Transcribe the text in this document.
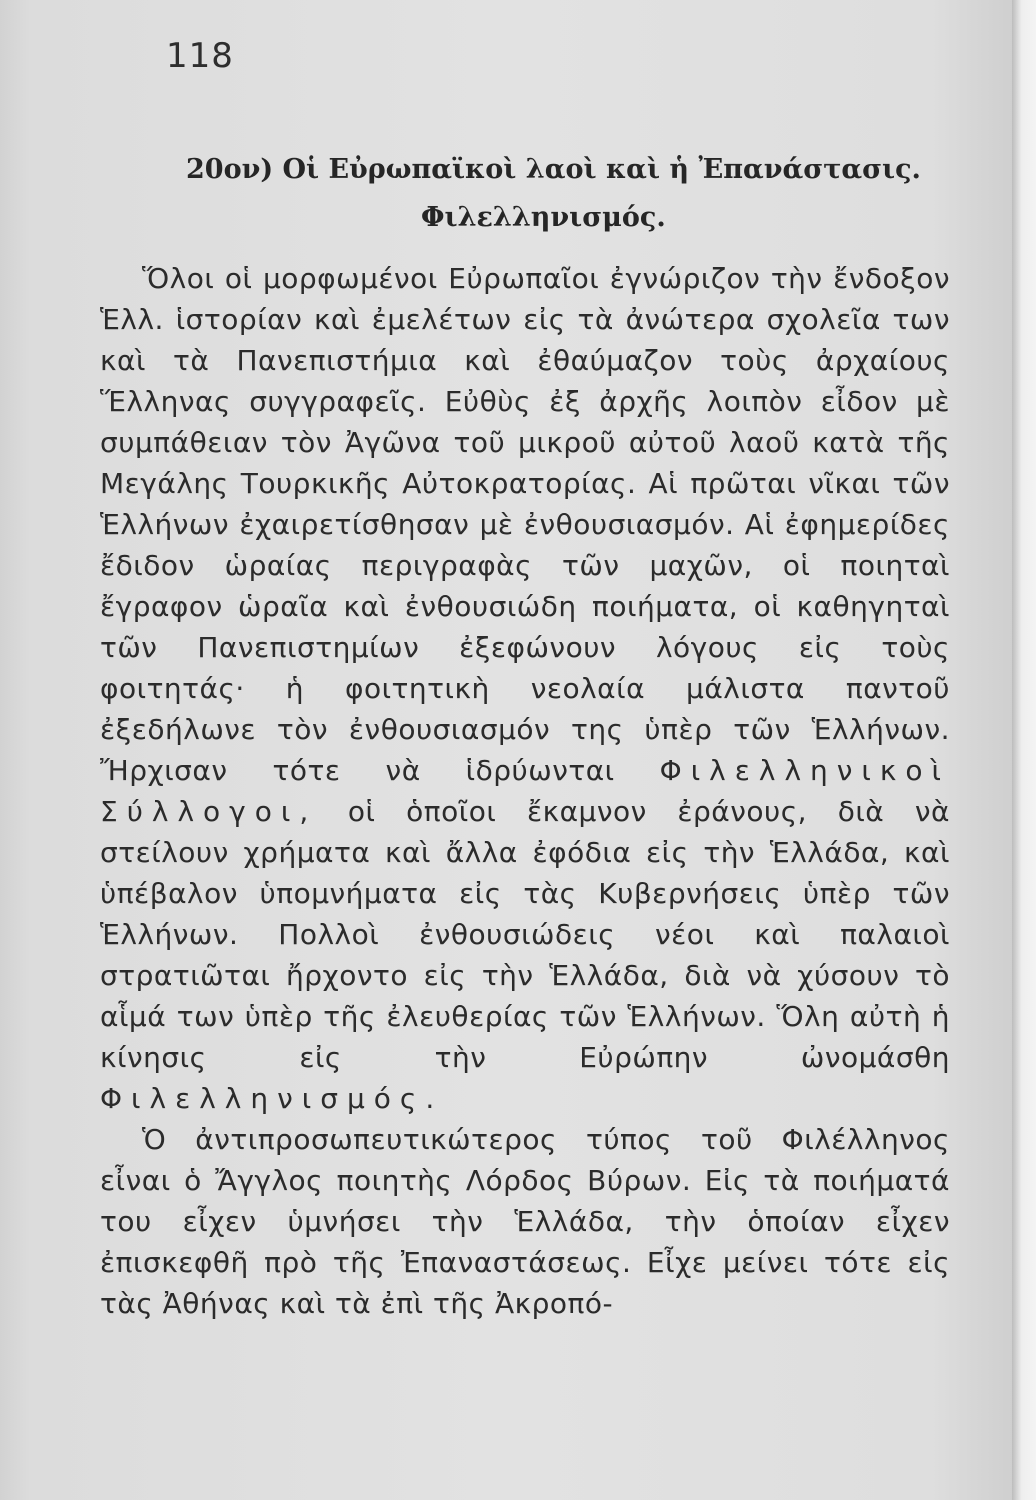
118
20ον) Οἱ Εὐρωπαϊκοὶ λαοὶ καὶ ἡ Ἐπανάστασις.
Φιλελληνισμός.

Ὅλοι οἱ μορφωμένοι Εὐρωπαῖοι ἐγνώριζον τὴν ἔνδοξον Ἑλλ. ἱστορίαν καὶ ἐμελέτων εἰς τὰ ἀνώτερα σχολεῖα των καὶ τὰ Πανεπιστήμια καὶ ἐθαύμαζον τοὺς ἀρχαίους Ἕλληνας συγγραφεῖς. Εὐθὺς ἐξ ἀρχῆς λοιπὸν εἶδον μὲ συμπάθειαν τὸν Ἀγῶνα τοῦ μικροῦ αὐτοῦ λαοῦ κατὰ τῆς Μεγάλης Τουρκικῆς Αὐτοκρατορίας. Αἱ πρῶται νῖκαι τῶν Ἑλλήνων ἐχαιρετίσθησαν μὲ ἐνθουσιασμόν. Αἱ ἐφημερίδες ἔδιδον ὡραίας περιγραφὰς τῶν μαχῶν, οἱ ποιηταὶ ἔγραφον ὡραῖα καὶ ἐνθουσιώδη ποιήματα, οἱ καθηγηταὶ τῶν Πανεπιστημίων ἐξεφώνουν λόγους εἰς τοὺς φοιτητάς· ἡ φοιτητικὴ νεολαία μάλιστα παντοῦ ἐξεδήλωνε τὸν ἐνθουσιασμόν της ὑπὲρ τῶν Ἑλλήνων. Ἤρχισαν τότε νὰ ἱδρύωνται Φιλελληνικοὶ Σύλλογοι, οἱ ὁποῖοι ἔκαμνον ἐράνους, διὰ νὰ στείλουν χρήματα καὶ ἄλλα ἐφόδια εἰς τὴν Ἑλλάδα, καὶ ὑπέβαλον ὑπομνήματα εἰς τὰς Κυβερνήσεις ὑπὲρ τῶν Ἑλλήνων. Πολλοὶ ἐνθουσιώδεις νέοι καὶ παλαιοὶ στρατιῶται ἤρχοντο εἰς τὴν Ἑλλάδα, διὰ νὰ χύσουν τὸ αἷμά των ὑπὲρ τῆς ἐλευθερίας τῶν Ἑλλήνων. Ὅλη αὐτὴ ἡ κίνησις εἰς τὴν Εὐρώπην ὠνομάσθη Φιλελληνισμός.

Ὁ ἀντιπροσωπευτικώτερος τύπος τοῦ Φιλέλληνος εἶναι ὁ Ἄγγλος ποιητὴς Λόρδος Βύρων. Εἰς τὰ ποιήματά του εἶχεν ὑμνήσει τὴν Ἑλλάδα, τὴν ὁποίαν εἶχεν ἐπισκεφθῆ πρὸ τῆς Ἐπαναστάσεως. Εἶχε μείνει τότε εἰς τὰς Ἀθήνας καὶ τὰ ἐπὶ τῆς Ἀκροπό-
